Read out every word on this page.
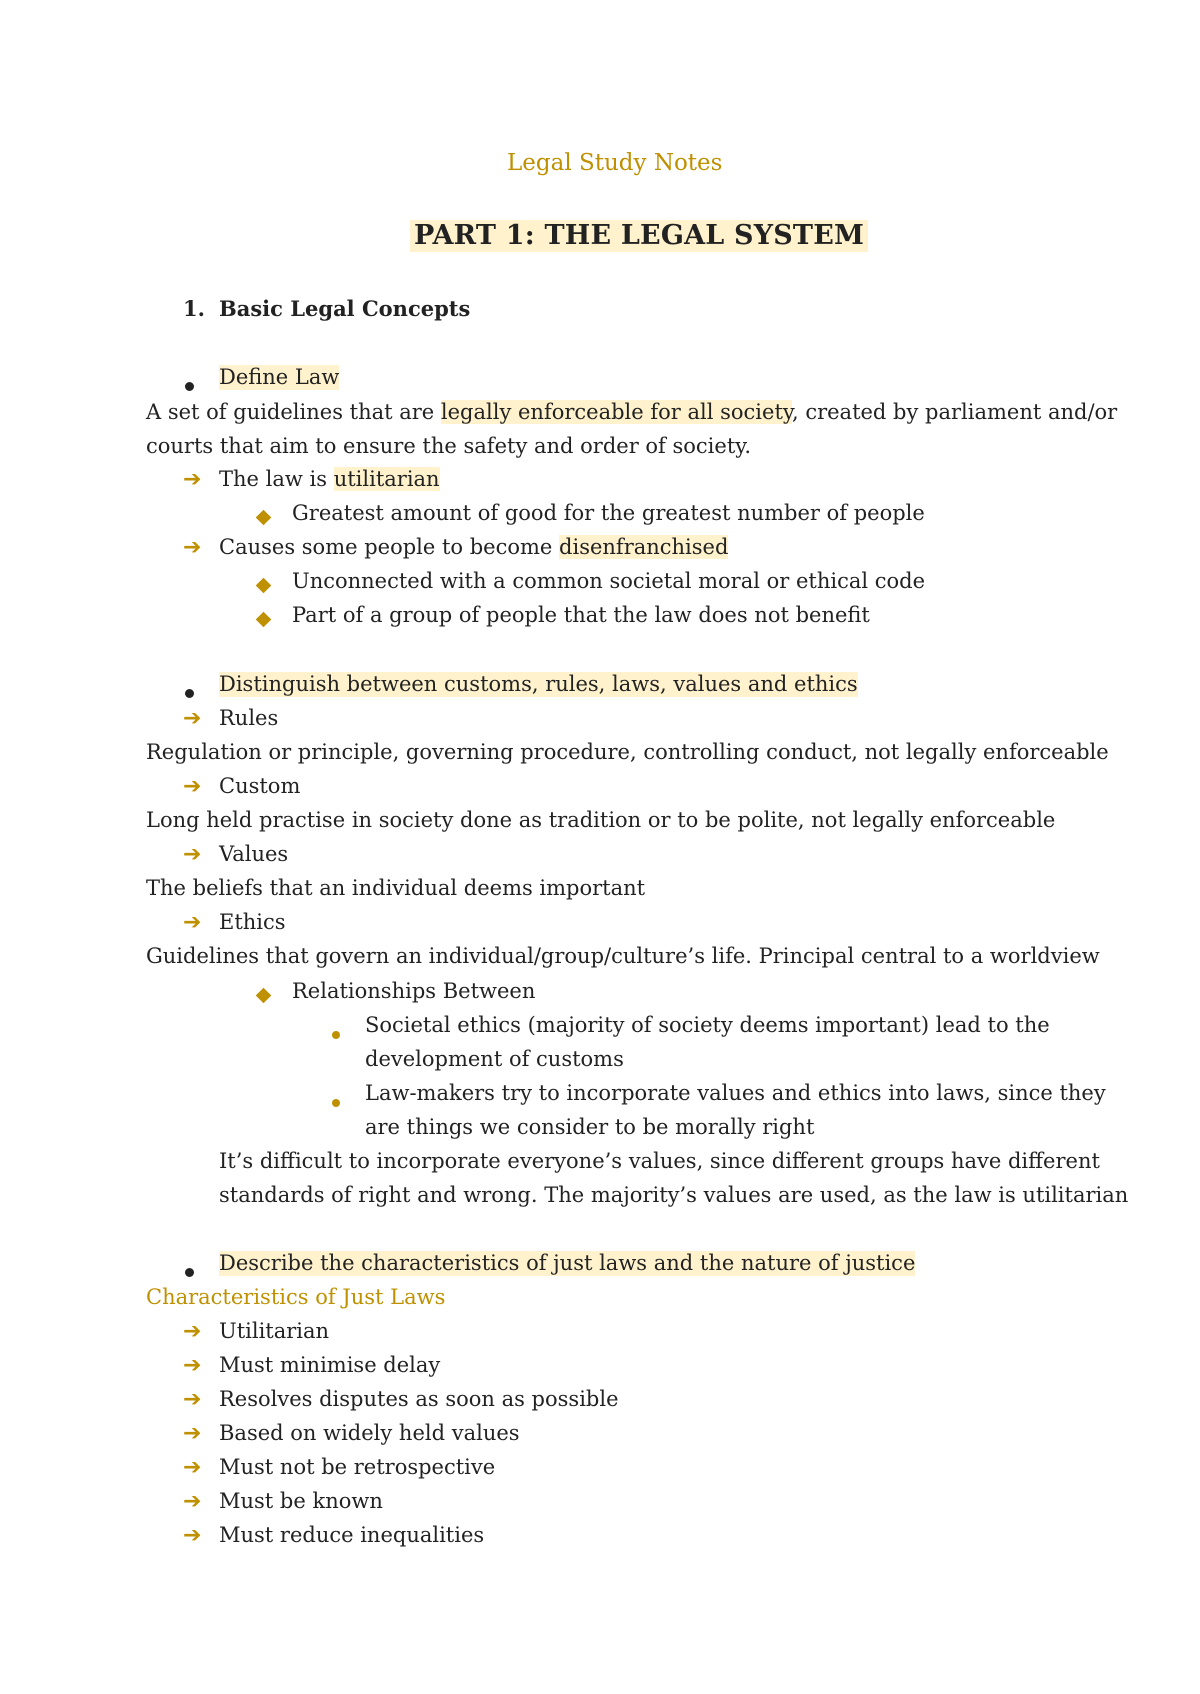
Legal Study Notes
PART 1: THE LEGAL SYSTEM
1. Basic Legal Concepts
Define Law
A set of guidelines that are legally enforceable for all society, created by parliament and/or
courts that aim to ensure the safety and order of society.
➔ The law is utilitarian
Greatest amount of good for the greatest number of people
➔ Causes some people to become disenfranchised
Unconnected with a common societal moral or ethical code
Part of a group of people that the law does not benefit
Distinguish between customs, rules, laws, values and ethics
➔ Rules
Regulation or principle, governing procedure, controlling conduct, not legally enforceable
➔ Custom
Long held practise in society done as tradition or to be polite, not legally enforceable
➔ Values
The beliefs that an individual deems important
➔ Ethics
Guidelines that govern an individual/group/culture’s life. Principal central to a worldview
Relationships Between
Societal ethics (majority of society deems important) lead to the
development of customs
Law-makers try to incorporate values and ethics into laws, since they
are things we consider to be morally right
It’s difficult to incorporate everyone’s values, since different groups have different
standards of right and wrong. The majority’s values are used, as the law is utilitarian
Describe the characteristics of just laws and the nature of justice
Characteristics of Just Laws
➔ Utilitarian
➔ Must minimise delay
➔ Resolves disputes as soon as possible
➔ Based on widely held values
➔ Must not be retrospective
➔ Must be known
➔ Must reduce inequalities
